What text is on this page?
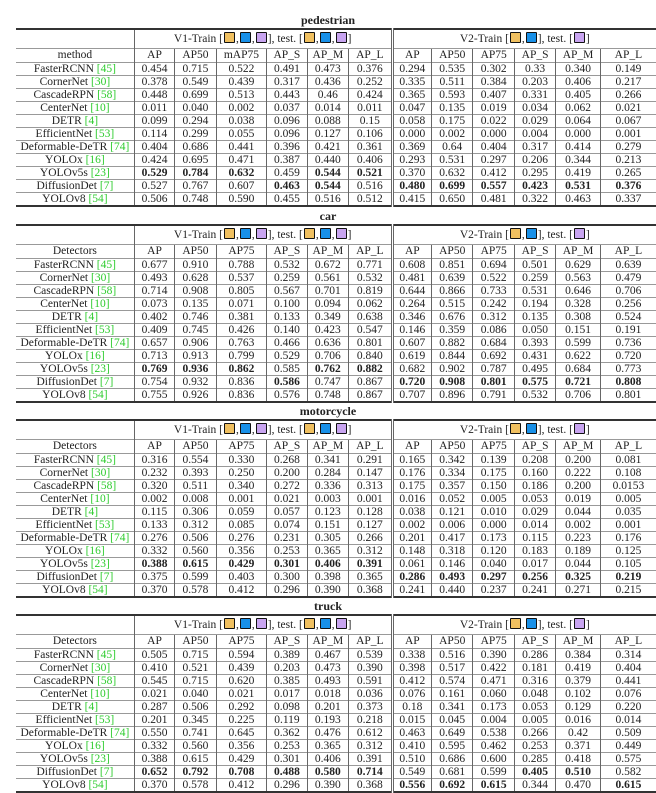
pedestrian
	V1-Train [ , , ], test. [ , , ]						V2-Train [ , ], test. [ ]					
method	AP	AP50	mAP75	AP_S	AP_M	AP_L	AP	AP50	AP75	AP_S	AP_M	AP_L
FasterRCNN [45]	0.454	0.715	0.522	0.491	0.473	0.376	0.294	0.535	0.302	0.33	0.340	0.149
CornerNet [30]	0.378	0.549	0.439	0.317	0.436	0.252	0.335	0.511	0.384	0.203	0.406	0.217
CascadeRPN [58]	0.448	0.699	0.513	0.443	0.46	0.424	0.365	0.593	0.407	0.331	0.405	0.266
CenterNet [10]	0.011	0.040	0.002	0.037	0.014	0.011	0.047	0.135	0.019	0.034	0.062	0.021
DETR [4]	0.099	0.294	0.038	0.096	0.088	0.15	0.058	0.175	0.022	0.029	0.064	0.067
EfficientNet [53]	0.114	0.299	0.055	0.096	0.127	0.106	0.000	0.002	0.000	0.004	0.000	0.001
Deformable-DeTR [74]	0.404	0.686	0.441	0.396	0.421	0.361	0.369	0.64	0.404	0.317	0.414	0.279
YOLOx [16]	0.424	0.695	0.471	0.387	0.440	0.406	0.293	0.531	0.297	0.206	0.344	0.213
YOLOv5s [23]	0.529	0.784	0.632	0.459	0.544	0.521	0.370	0.632	0.412	0.295	0.419	0.265
DiffusionDet [7]	0.527	0.767	0.607	0.463	0.544	0.516	0.480	0.699	0.557	0.423	0.531	0.376
YOLOv8 [54]	0.506	0.748	0.590	0.455	0.516	0.512	0.415	0.650	0.481	0.322	0.463	0.337
car
	V1-Train [ , , ], test. [ , , ]						V2-Train [ , ], test. [ ]					
Detectors	AP	AP50	AP75	AP_S	AP_M	AP_L	AP	AP50	AP75	AP_S	AP_M	AP_L
FasterRCNN [45]	0.677	0.910	0.788	0.532	0.672	0.771	0.608	0.851	0.694	0.501	0.629	0.639
CornerNet [30]	0.493	0.628	0.537	0.259	0.561	0.532	0.481	0.639	0.522	0.259	0.563	0.479
CascadeRPN [58]	0.714	0.908	0.805	0.567	0.701	0.819	0.644	0.866	0.733	0.531	0.646	0.706
CenterNet [10]	0.073	0.135	0.071	0.100	0.094	0.062	0.264	0.515	0.242	0.194	0.328	0.256
DETR [4]	0.402	0.746	0.381	0.133	0.349	0.638	0.346	0.676	0.312	0.135	0.308	0.524
EfficientNet [53]	0.409	0.745	0.426	0.140	0.423	0.547	0.146	0.359	0.086	0.050	0.151	0.191
Deformable-DeTR [74]	0.657	0.906	0.763	0.466	0.636	0.801	0.607	0.882	0.684	0.393	0.599	0.736
YOLOx [16]	0.713	0.913	0.799	0.529	0.706	0.840	0.619	0.844	0.692	0.431	0.622	0.720
YOLOv5s [23]	0.769	0.936	0.862	0.585	0.762	0.882	0.682	0.902	0.787	0.495	0.684	0.773
DiffusionDet [7]	0.754	0.932	0.836	0.586	0.747	0.867	0.720	0.908	0.801	0.575	0.721	0.808
YOLOv8 [54]	0.755	0.926	0.836	0.576	0.748	0.867	0.707	0.896	0.791	0.532	0.706	0.801
motorcycle
	V1-Train [ , , ], test. [ , , ]						V2-Train [ , ], test. [ ]					
Detectors	AP	AP50	AP75	AP_S	AP_M	AP_L	AP	AP50	AP75	AP_S	AP_M	AP_L
FasterRCNN [45]	0.316	0.554	0.330	0.268	0.341	0.291	0.165	0.342	0.139	0.208	0.200	0.081
CornerNet [30]	0.232	0.393	0.250	0.200	0.284	0.147	0.176	0.334	0.175	0.160	0.222	0.108
CascadeRPN [58]	0.320	0.511	0.340	0.272	0.336	0.313	0.175	0.357	0.150	0.186	0.200	0.0153
CenterNet [10]	0.002	0.008	0.001	0.021	0.003	0.001	0.016	0.052	0.005	0.053	0.019	0.005
DETR [4]	0.115	0.306	0.059	0.057	0.123	0.128	0.038	0.121	0.010	0.029	0.044	0.035
EfficientNet [53]	0.133	0.312	0.085	0.074	0.151	0.127	0.002	0.006	0.000	0.014	0.002	0.001
Deformable-DeTR [74]	0.276	0.506	0.276	0.231	0.305	0.266	0.201	0.417	0.173	0.115	0.223	0.176
YOLOx [16]	0.332	0.560	0.356	0.253	0.365	0.312	0.148	0.318	0.120	0.183	0.189	0.125
YOLOv5s [23]	0.388	0.615	0.429	0.301	0.406	0.391	0.061	0.146	0.040	0.017	0.044	0.105
DiffusionDet [7]	0.375	0.599	0.403	0.300	0.398	0.365	0.286	0.493	0.297	0.256	0.325	0.219
YOLOv8 [54]	0.370	0.578	0.412	0.296	0.390	0.368	0.241	0.440	0.237	0.241	0.271	0.215
truck
	V1-Train [ , , ], test. [ , , ]						V2-Train [ , ], test. [ ]					
Detectors	AP	AP50	AP75	AP_S	AP_M	AP_L	AP	AP50	AP75	AP_S	AP_M	AP_L
FasterRCNN [45]	0.505	0.715	0.594	0.389	0.467	0.539	0.338	0.516	0.390	0.286	0.384	0.314
CornerNet [30]	0.410	0.521	0.439	0.203	0.473	0.390	0.398	0.517	0.422	0.181	0.419	0.404
CascadeRPN [58]	0.545	0.715	0.620	0.385	0.493	0.591	0.412	0.574	0.471	0.316	0.379	0.441
CenterNet [10]	0.021	0.040	0.021	0.017	0.018	0.036	0.076	0.161	0.060	0.048	0.102	0.076
DETR [4]	0.287	0.506	0.292	0.098	0.201	0.373	0.18	0.341	0.173	0.053	0.129	0.220
EfficientNet [53]	0.201	0.345	0.225	0.119	0.193	0.218	0.015	0.045	0.004	0.005	0.016	0.014
Deformable-DeTR [74]	0.550	0.741	0.645	0.362	0.476	0.612	0.463	0.649	0.538	0.266	0.42	0.509
YOLOx [16]	0.332	0.560	0.356	0.253	0.365	0.312	0.410	0.595	0.462	0.253	0.371	0.449
YOLOv5s [23]	0.388	0.615	0.429	0.301	0.406	0.391	0.510	0.686	0.600	0.285	0.418	0.575
DiffusionDet [7]	0.652	0.792	0.708	0.488	0.580	0.714	0.549	0.681	0.599	0.405	0.510	0.582
YOLOv8 [54]	0.370	0.578	0.412	0.296	0.390	0.368	0.556	0.692	0.615	0.344	0.470	0.615
